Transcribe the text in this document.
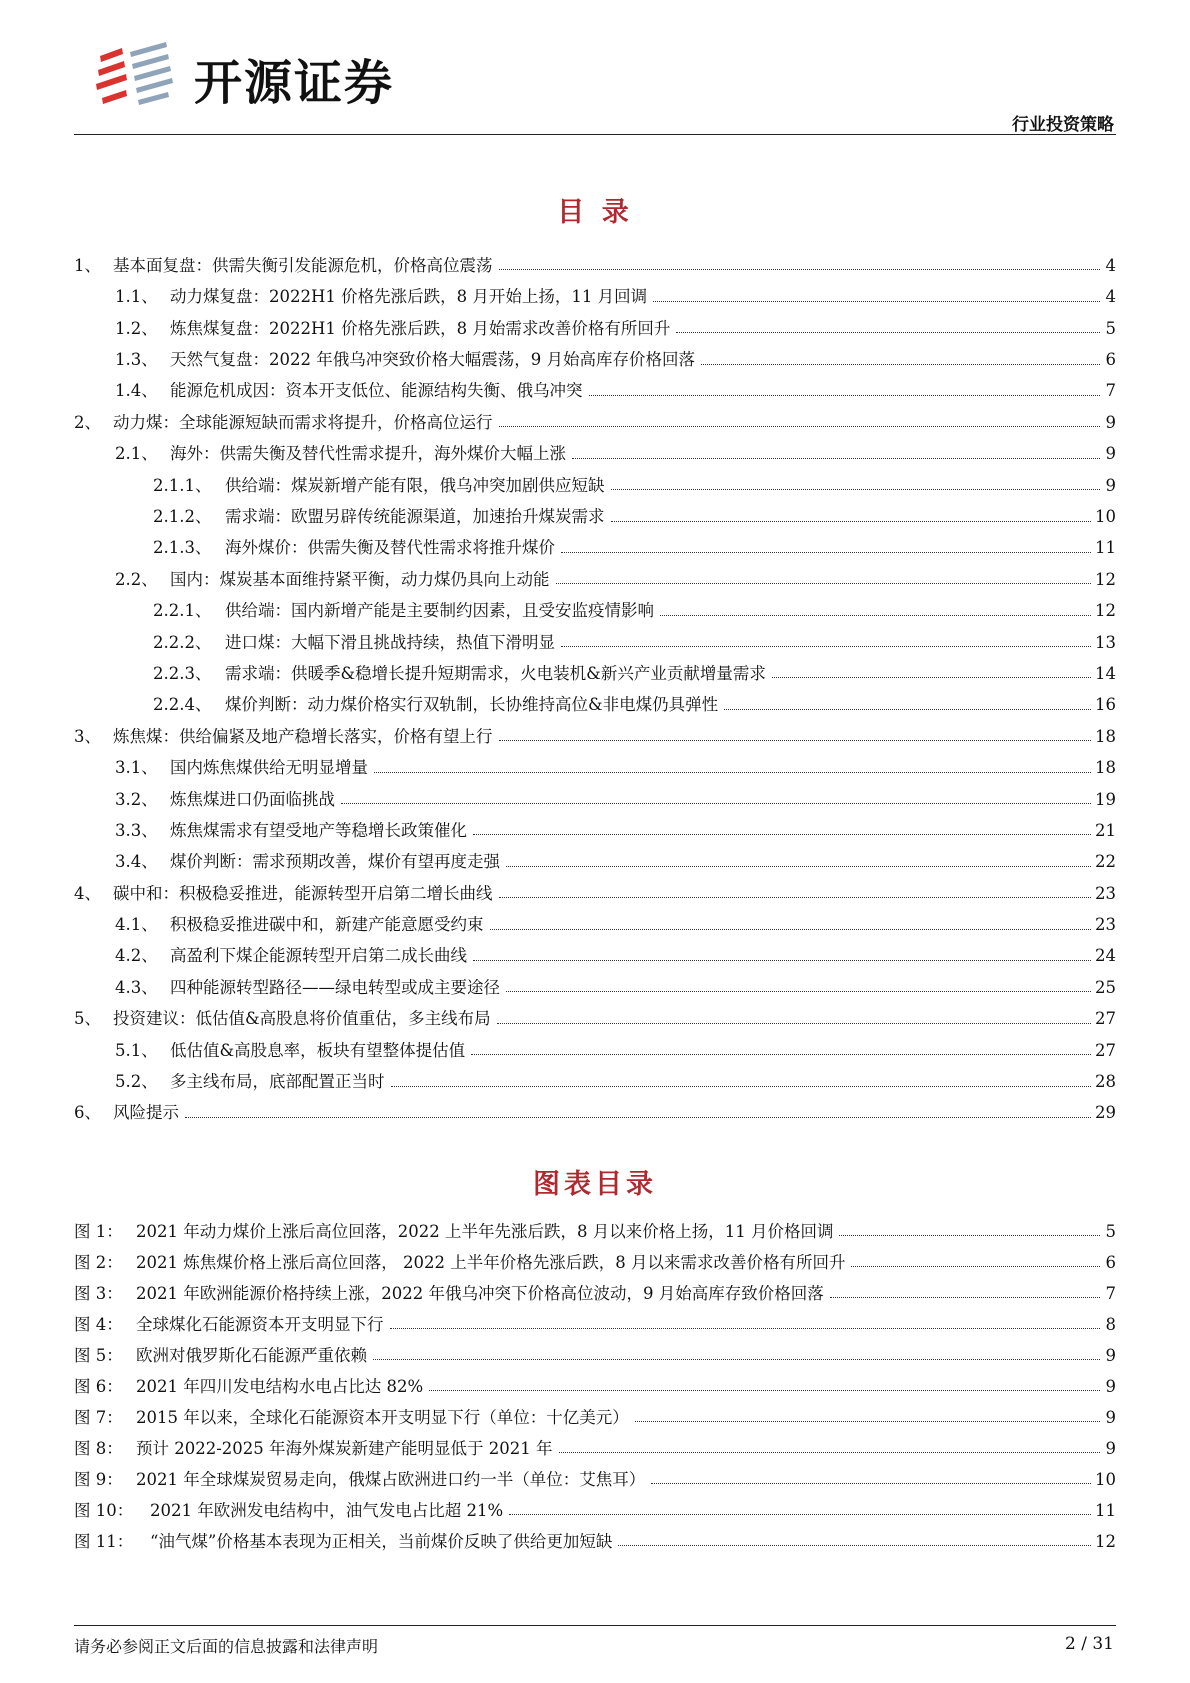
开源证券
行业投资策略
目 录
1、 基本面复盘：供需失衡引发能源危机，价格高位震荡	4
1.1、 动力煤复盘：2022H1 价格先涨后跌，8 月开始上扬，11 月回调	4
1.2、 炼焦煤复盘：2022H1 价格先涨后跌，8 月始需求改善价格有所回升	5
1.3、 天然气复盘：2022 年俄乌冲突致价格大幅震荡，9 月始高库存价格回落	6
1.4、 能源危机成因：资本开支低位、能源结构失衡、俄乌冲突	7
2、 动力煤：全球能源短缺而需求将提升，价格高位运行	9
2.1、 海外：供需失衡及替代性需求提升，海外煤价大幅上涨	9
2.1.1、 供给端：煤炭新增产能有限，俄乌冲突加剧供应短缺	9
2.1.2、 需求端：欧盟另辟传统能源渠道，加速抬升煤炭需求	10
2.1.3、 海外煤价：供需失衡及替代性需求将推升煤价	11
2.2、 国内：煤炭基本面维持紧平衡，动力煤仍具向上动能	12
2.2.1、 供给端：国内新增产能是主要制约因素，且受安监疫情影响	12
2.2.2、 进口煤：大幅下滑且挑战持续，热值下滑明显	13
2.2.3、 需求端：供暖季&稳增长提升短期需求，火电装机&新兴产业贡献增量需求	14
2.2.4、 煤价判断：动力煤价格实行双轨制，长协维持高位&非电煤仍具弹性	16
3、 炼焦煤：供给偏紧及地产稳增长落实，价格有望上行	18
3.1、 国内炼焦煤供给无明显增量	18
3.2、 炼焦煤进口仍面临挑战	19
3.3、 炼焦煤需求有望受地产等稳增长政策催化	21
3.4、 煤价判断：需求预期改善，煤价有望再度走强	22
4、 碳中和：积极稳妥推进，能源转型开启第二增长曲线	23
4.1、 积极稳妥推进碳中和，新建产能意愿受约束	23
4.2、 高盈利下煤企能源转型开启第二成长曲线	24
4.3、 四种能源转型路径——绿电转型或成主要途径	25
5、 投资建议：低估值&高股息将价值重估，多主线布局	27
5.1、 低估值&高股息率，板块有望整体提估值	27
5.2、 多主线布局，底部配置正当时	28
6、 风险提示	29
图表目录
图 1： 2021 年动力煤价上涨后高位回落，2022 上半年先涨后跌，8 月以来价格上扬，11 月价格回调	5
图 2： 2021 炼焦煤价格上涨后高位回落， 2022 上半年价格先涨后跌，8 月以来需求改善价格有所回升	6
图 3： 2021 年欧洲能源价格持续上涨，2022 年俄乌冲突下价格高位波动，9 月始高库存致价格回落	7
图 4： 全球煤化石能源资本开支明显下行	8
图 5： 欧洲对俄罗斯化石能源严重依赖	9
图 6： 2021 年四川发电结构水电占比达 82%	9
图 7： 2015 年以来，全球化石能源资本开支明显下行（单位：十亿美元）	9
图 8： 预计 2022-2025 年海外煤炭新建产能明显低于 2021 年	9
图 9： 2021 年全球煤炭贸易走向，俄煤占欧洲进口约一半（单位：艾焦耳）	10
图 10：	2021 年欧洲发电结构中，油气发电占比超 21%	11
图 11：	“油气煤”价格基本表现为正相关，当前煤价反映了供给更加短缺	12
请务必参阅正文后面的信息披露和法律声明	2 / 31
